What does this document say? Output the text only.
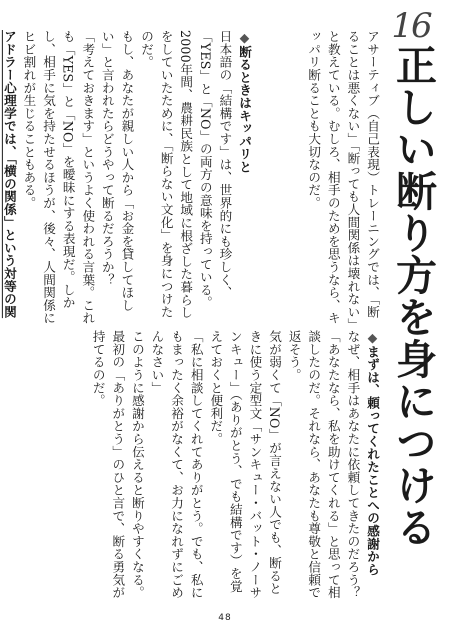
16
正しい断り方を身につける

アサーティブ（自己表現）トレーニングでは、「断ることは悪くない」「断っても人間関係は壊れない」と教えている。むしろ、相手のためを思うなら、キッパリ断ることも大切なのだ。

◆断るときはキッパリと

日本語の「結構です」は、世界的にも珍しく、「YES」と「NO」の両方の意味を持っている。2000年間、農耕民族として地域に根ざした暮らしをしていたために、「断らない文化」を身につけたのだ。

もし、あなたが親しい人から「お金を貸してほしい」と言われたらどうやって断るだろうか？

「考えておきます」というよく使われる言葉。これも「YES」と「NO」を曖昧にする表現だ。しかし、相手に気を持たせるほうが、後々、人間関係にヒビ割れが生じることもある。

アドラー心理学では、「横の関係」という対等の関

◆まずは、頼ってくれたことへの感謝から

なぜ、相手はあなたに依頼してきたのだろう？「あなたなら、私を助けてくれる」と思って相談したのだ。それなら、あなたも尊敬と信頼で返そう。

気が弱くて「NO」が言えない人でも、断るときに使う定型文「サンキュー・バット・ノーサンキュー」（ありがとう、でも結構です）を覚えておくと便利だ。

「私に相談してくれてありがとう。でも、私にもまったく余裕がなくて、お力になれずにごめんなさい」

このように感謝から伝えると断りやすくなる。最初の「ありがとう」のひと言で、断る勇気が持てるのだ。

48
